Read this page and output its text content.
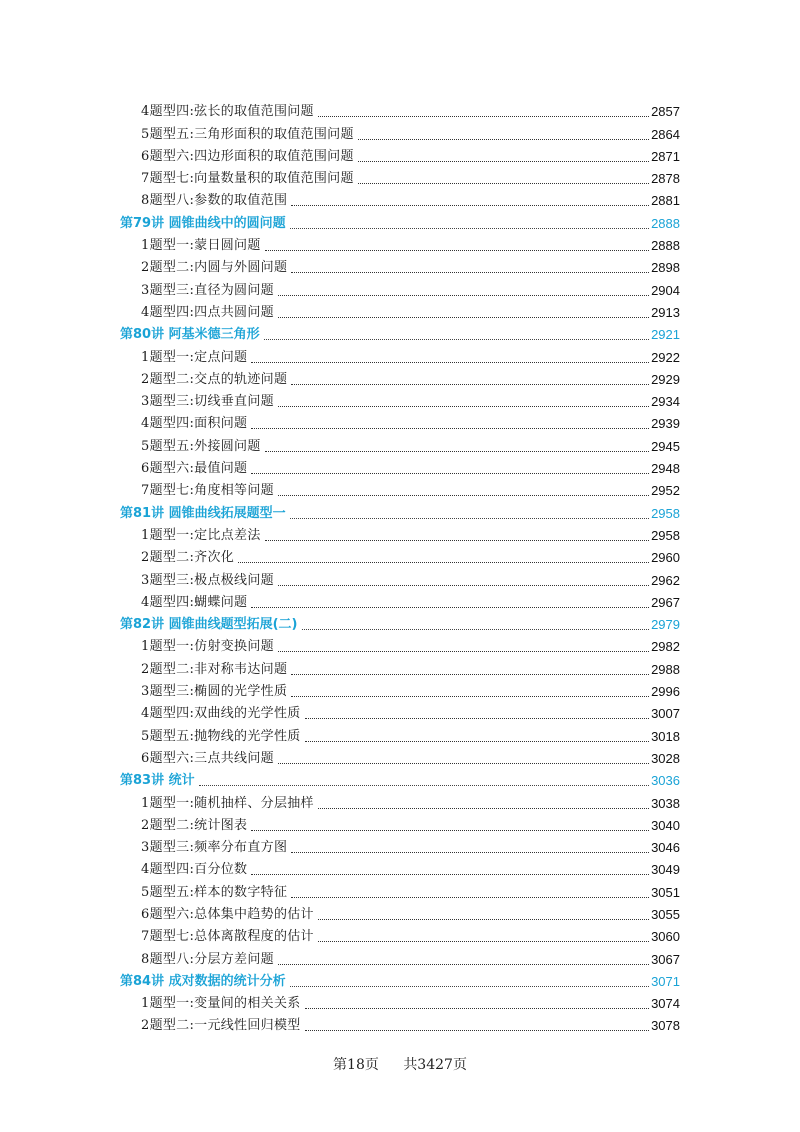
4题型四:弦长的取值范围问题	2857
5题型五:三角形面积的取值范围问题	2864
6题型六:四边形面积的取值范围问题	2871
7题型七:向量数量积的取值范围问题	2878
8题型八:参数的取值范围	2881
第79讲 圆锥曲线中的圆问题	2888
1题型一:蒙日圆问题	2888
2题型二:内圆与外圆问题	2898
3题型三:直径为圆问题	2904
4题型四:四点共圆问题	2913
第80讲 阿基米德三角形	2921
1题型一:定点问题	2922
2题型二:交点的轨迹问题	2929
3题型三:切线垂直问题	2934
4题型四:面积问题	2939
5题型五:外接圆问题	2945
6题型六:最值问题	2948
7题型七:角度相等问题	2952
第81讲 圆锥曲线拓展题型一	2958
1题型一:定比点差法	2958
2题型二:齐次化	2960
3题型三:极点极线问题	2962
4题型四:蝴蝶问题	2967
第82讲 圆锥曲线题型拓展(二)	2979
1题型一:仿射变换问题	2982
2题型二:非对称韦达问题	2988
3题型三:椭圆的光学性质	2996
4题型四:双曲线的光学性质	3007
5题型五:抛物线的光学性质	3018
6题型六:三点共线问题	3028
第83讲 统计	3036
1题型一:随机抽样、分层抽样	3038
2题型二:统计图表	3040
3题型三:频率分布直方图	3046
4题型四:百分位数	3049
5题型五:样本的数字特征	3051
6题型六:总体集中趋势的估计	3055
7题型七:总体离散程度的估计	3060
8题型八:分层方差问题	3067
第84讲 成对数据的统计分析	3071
1题型一:变量间的相关关系	3074
2题型二:一元线性回归模型	3078
第18页 共3427页
